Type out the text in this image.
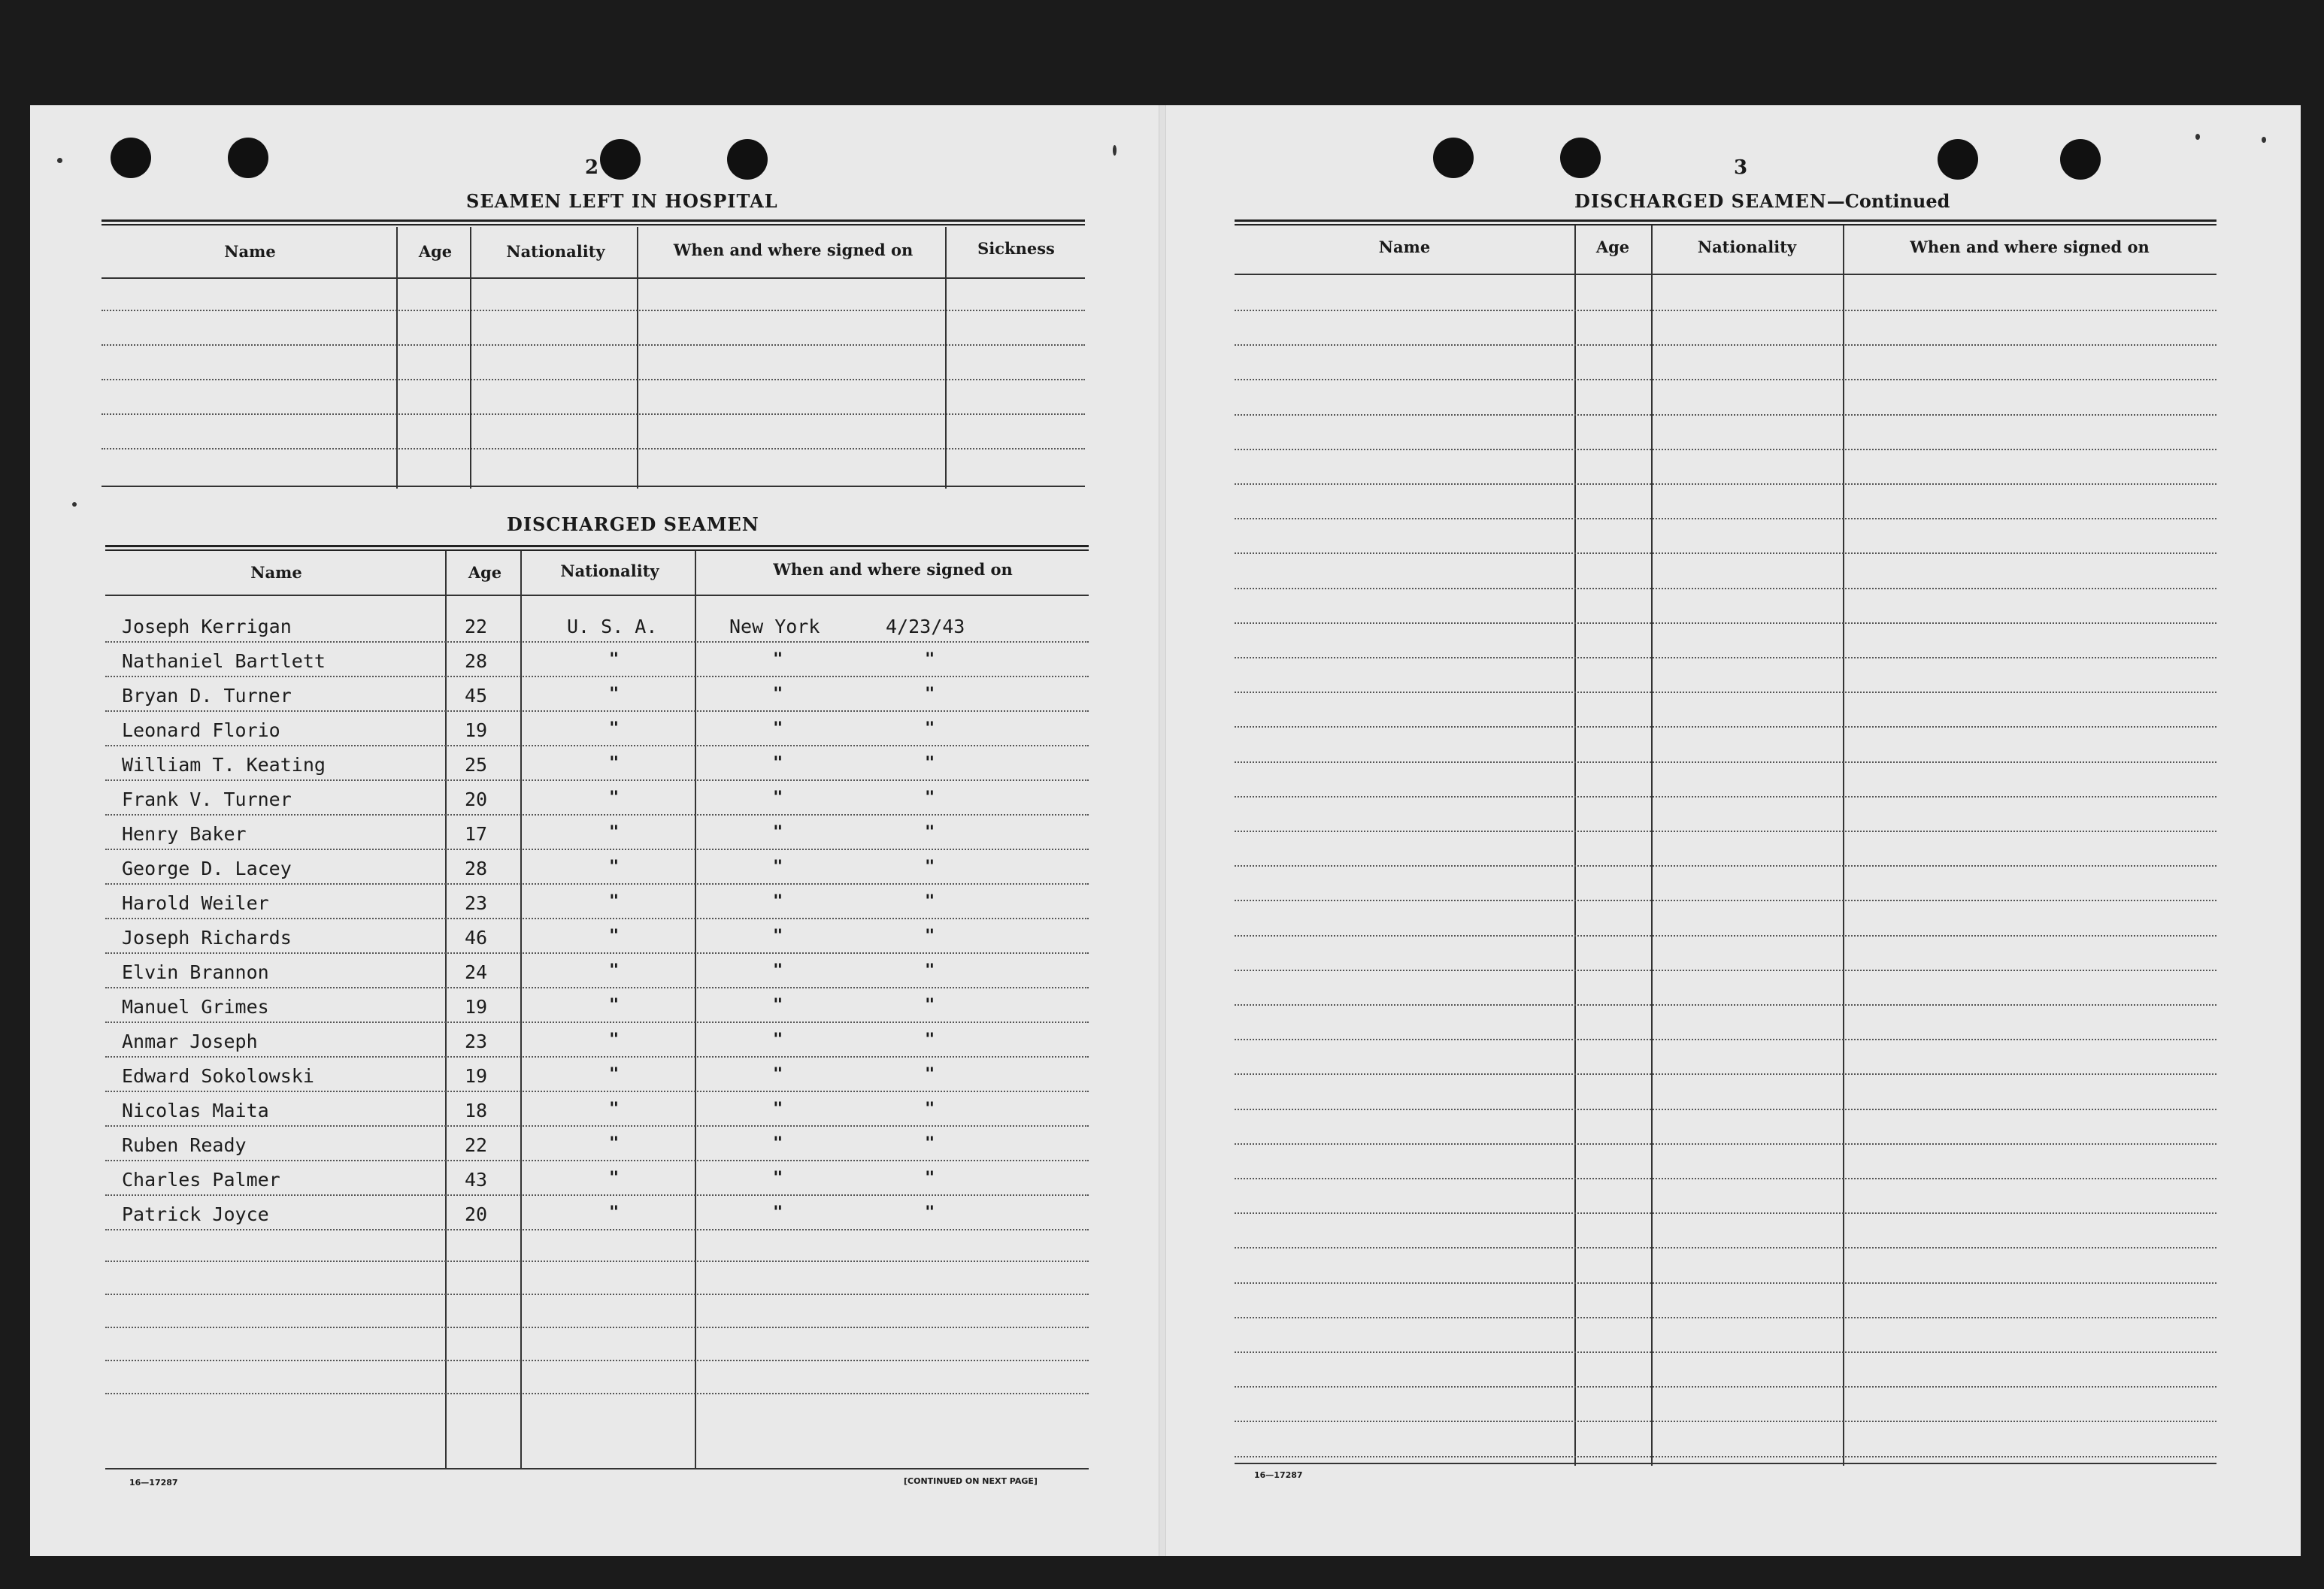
2
SEAMEN LEFT IN HOSPITAL
Name	Age	Nationality	When and where signed on	Sickness
DISCHARGED SEAMEN
Name	Age	Nationality	When and where signed on
Joseph Kerrigan	22	U. S. A.	New York	4/23/43
Nathaniel Bartlett	28	"	"	"
Bryan D. Turner	45	"	"	"
Leonard Florio	19	"	"	"
William T. Keating	25	"	"	"
Frank V. Turner	20	"	"	"
Henry Baker	17	"	"	"
George D. Lacey	28	"	"	"
Harold Weiler	23	"	"	"
Joseph Richards	46	"	"	"
Elvin Brannon	24	"	"	"
Manuel Grimes	19	"	"	"
Anmar Joseph	23	"	"	"
Edward Sokolowski	19	"	"	"
Nicolas Maita	18	"	"	"
Ruben Ready	22	"	"	"
Charles Palmer	43	"	"	"
Patrick Joyce	20	"	"	"
16—17287	[CONTINUED ON NEXT PAGE]
3
DISCHARGED SEAMEN—Continued
Name	Age	Nationality	When and where signed on
16—17287
